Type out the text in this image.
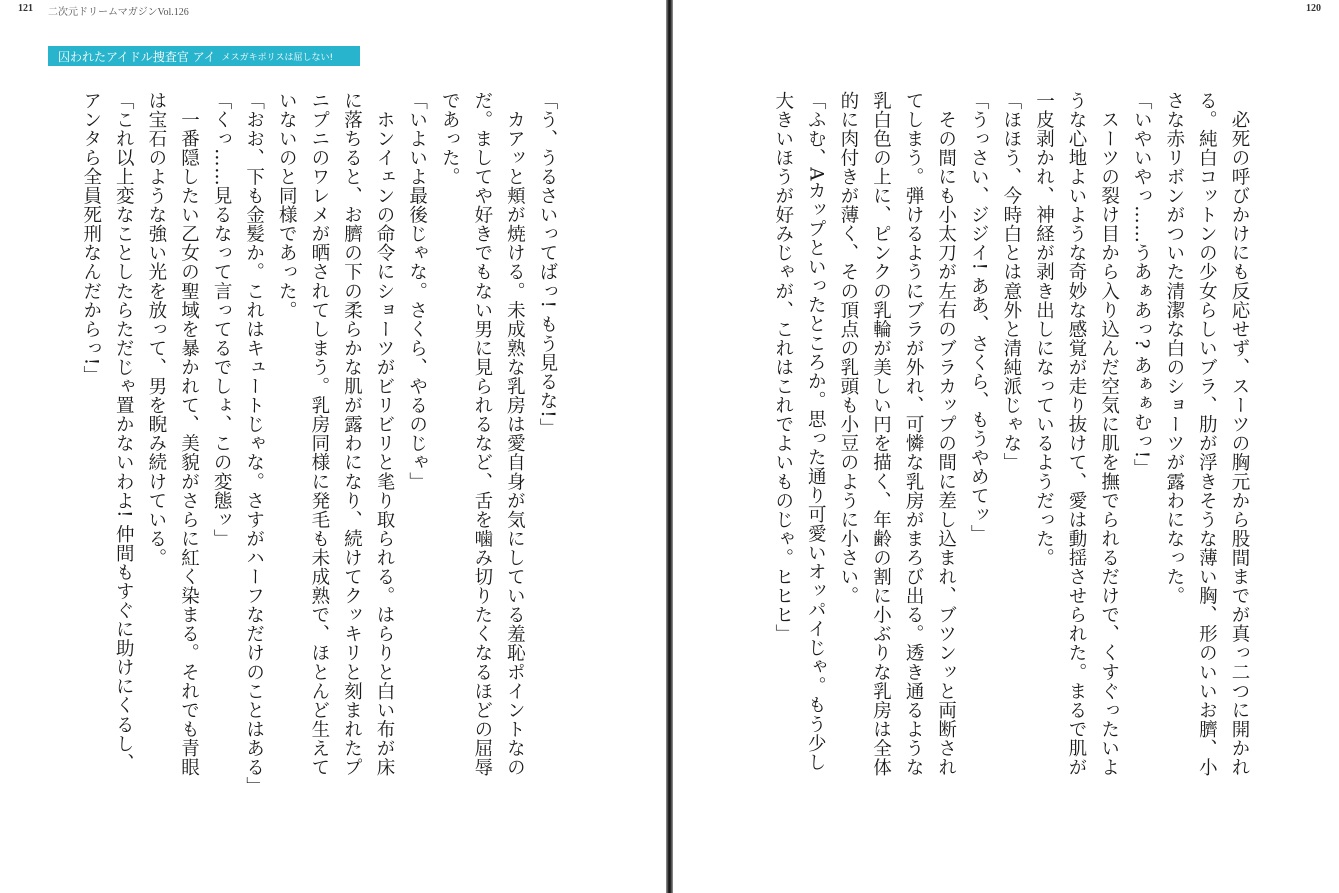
121 二次元ドリームマガジンVol.126
囚われたアイドル捜査官 アイ メスガキポリスは屈しない!
「う、うるさいってばっ! もう見るな!」
　カアッと頬が焼ける。未成熟な乳房は愛自身が気にしている羞恥ポイントなの
だ。ましてや好きでもない男に見られるなど、舌を噛み切りたくなるほどの屈辱
であった。
「いよいよ最後じゃな。さくら、やるのじゃ」
　ホンイェンの命令にショーツがビリビリと毟り取られる。はらりと白い布が床
に落ちると、お臍の下の柔らかな肌が露わになり、続けてクッキリと刻まれたプ
ニプニのワレメが晒されてしまう。乳房同様に発毛も未成熟で、ほとんど生えて
いないのと同様であった。
「おお、下も金髪か。これはキュートじゃな。さすがハーフなだけのことはある」
「くっ……見るなって言ってるでしょ、この変態ッ」
　一番隠したい乙女の聖域を暴かれて、美貌がさらに紅く染まる。それでも青眼
は宝石のような強い光を放って、男を睨み続けている。
「これ以上変なことしたらただじゃ置かないわよ! 仲間もすぐに助けにくるし、
アンタら全員死刑なんだからっ!」
120
　必死の呼びかけにも反応せず、スーツの胸元から股間までが真っ二つに開かれ
る。純白コットンの少女らしいブラ、肋が浮きそうな薄い胸、形のいいお臍、小
さな赤リボンがついた清潔な白のショーツが露わになった。
「いやいやっ……うあぁあっ? あぁぁむっ!」
　スーツの裂け目から入り込んだ空気に肌を撫でられるだけで、くすぐったいよ
うな心地よいような奇妙な感覚が走り抜けて、愛は動揺させられた。まるで肌が
一皮剥かれ、神経が剥き出しになっているようだった。
「ほほう、今時白とは意外と清純派じゃな」
「うっさい、ジジイ! ああ、さくら、もうやめてッ」
　その間にも小太刀が左右のブラカップの間に差し込まれ、ブツンッと両断され
てしまう。弾けるようにブラが外れ、可憐な乳房がまろび出る。透き通るような
乳白色の上に、ピンクの乳輪が美しい円を描く、年齢の割に小ぶりな乳房は全体
的に肉付きが薄く、その頂点の乳頭も小豆のように小さい。
「ふむ、Aカップといったところか。思った通り可愛いオッパイじゃ。もう少し
大きいほうが好みじゃが、これはこれでよいものじゃ。ヒヒヒ」
